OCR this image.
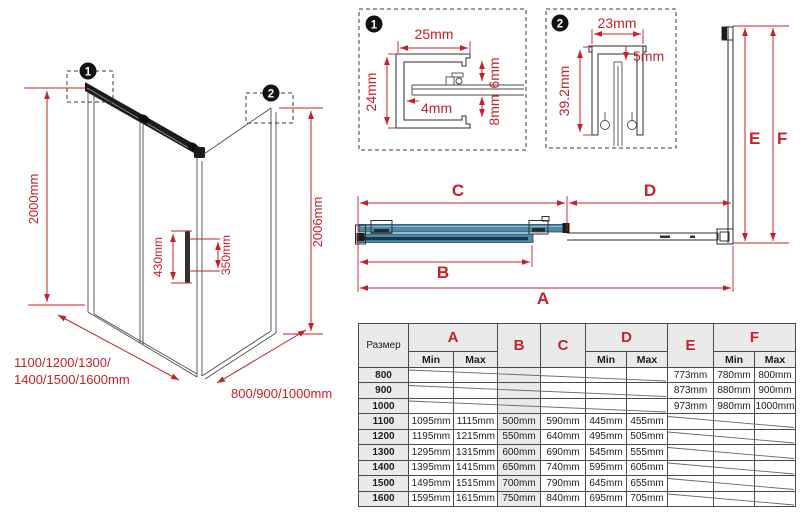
1
2
2000mm	2006mm
430mm	350mm
1100/1200/1300/
1400/1500/1600mm
800/900/1000mm
1
25mm
24mm	4mm
6mm
8mm
2 23mm
5mm
39.2mm
C	D
B
A
E F
Размер	A		B	C	D		E	F	
	Min	Max			Min	Max		Min	Max
800							773mm	780mm	800mm
900							873mm	880mm	900mm
1000							973mm	980mm	1000mm
1100	1095mm	1115mm	500mm	590mm	445mm	455mm			
1200	1195mm	1215mm	550mm	640mm	495mm	505mm			
1300	1295mm	1315mm	600mm	690mm	545mm	555mm			
1400	1395mm	1415mm	650mm	740mm	595mm	605mm			
1500	1495mm	1515mm	700mm	790mm	645mm	655mm			
1600	1595mm	1615mm	750mm	840mm	695mm	705mm			
